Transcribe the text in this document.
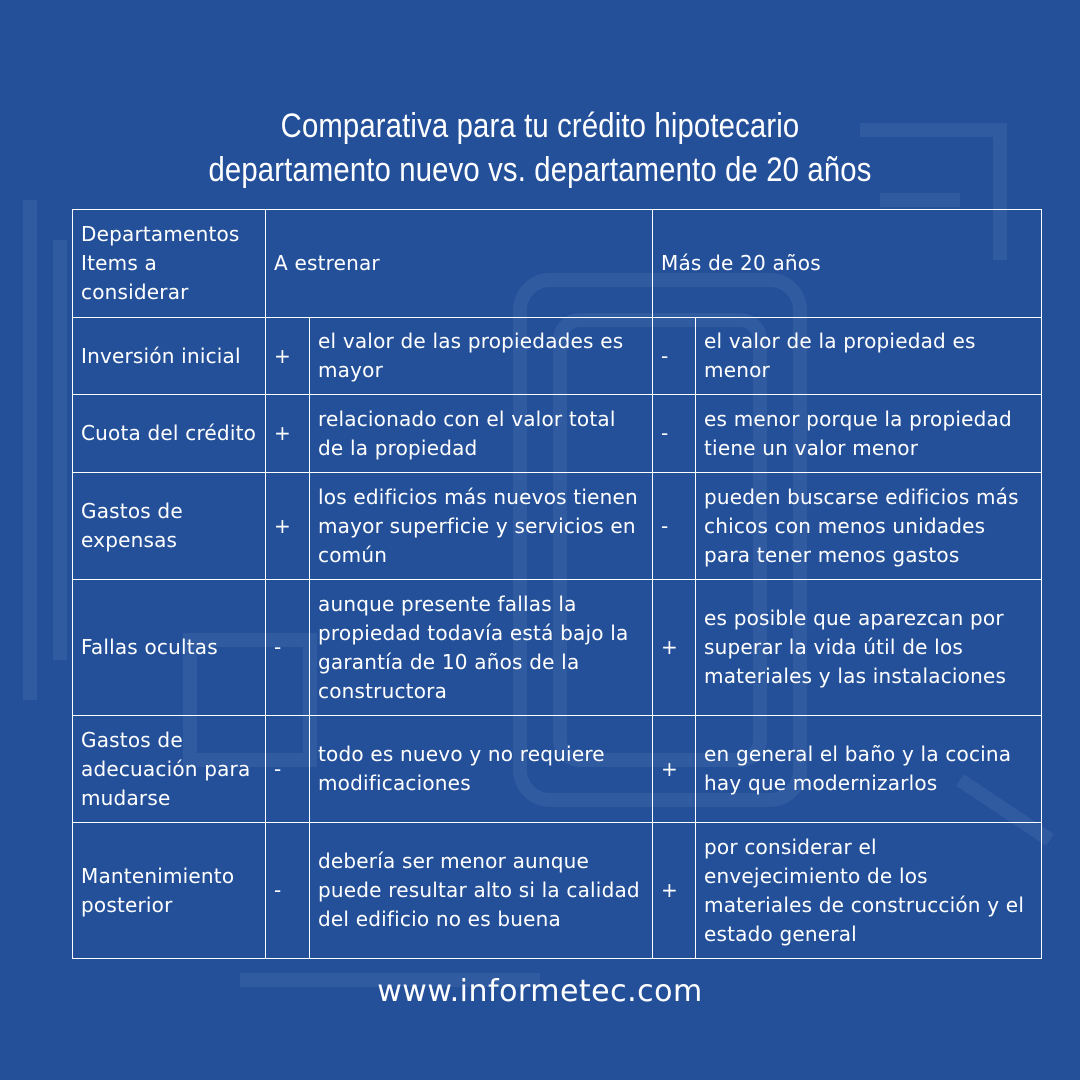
Comparativa para tu crédito hipotecario
departamento nuevo vs. departamento de 20 años
Departamentos
Items a
considerar	A estrenar		Más de 20 años	
Inversión inicial	+	el valor de las propiedades es mayor	-	el valor de la propiedad es menor
Cuota del crédito	+	relacionado con el valor total de la propiedad	-	es menor porque la propiedad tiene un valor menor
Gastos de expensas	+	los edificios más nuevos tienen mayor superficie y servicios en común	-	pueden buscarse edificios más chicos con menos unidades para tener menos gastos
Fallas ocultas	-	aunque presente fallas la propiedad todavía está bajo la garantía de 10 años de la constructora	+	es posible que aparezcan por superar la vida útil de los materiales y las instalaciones
Gastos de adecuación para mudarse	-	todo es nuevo y no requiere modificaciones	+	en general el baño y la cocina hay que modernizarlos
Mantenimiento posterior	-	debería ser menor aunque puede resultar alto si la calidad del edificio no es buena	+	por considerar el envejecimiento de los materiales de construcción y el estado general
www.informetec.com
